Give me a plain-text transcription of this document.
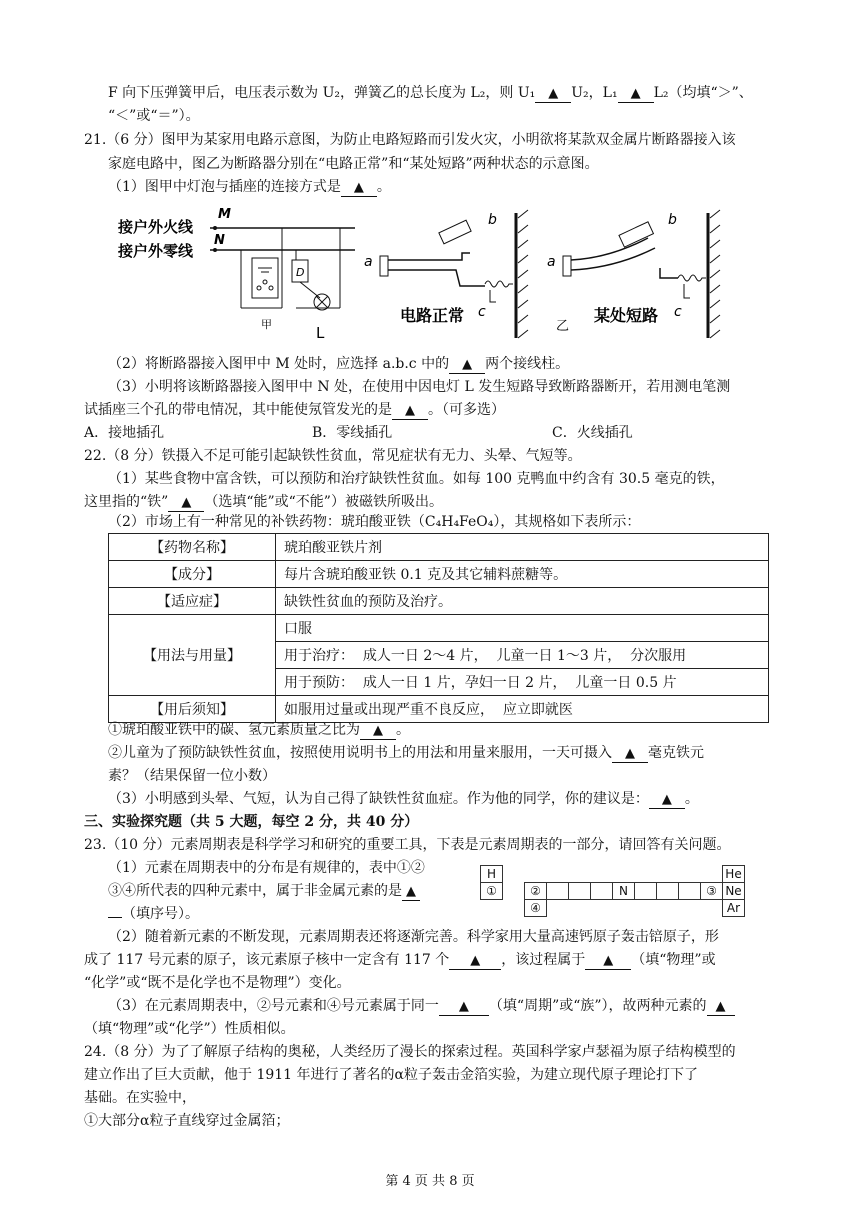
F 向下压弹簧甲后，电压表示数为 U₂，弹簧乙的总长度为 L₂，则 U₁ ▲ U₂，L₁ ▲ L₂（均填“＞”、
“＜”或“＝”）。
21.（6 分）图甲为某家用电路示意图，为防止电路短路而引发火灾，小明欲将某款双金属片断路器接入该
家庭电路中，图乙为断路器分别在“电路正常”和“某处短路”两种状态的示意图。
（1）图甲中灯泡与插座的连接方式是 ▲ 。
接户外火线
接户外零线
M
N
D
甲	L
a
b
c
电路正常
a
b
c
乙
某处短路
（2）将断路器接入图甲中 M 处时，应选择 a.b.c 中的 ▲ 两个接线柱。
（3）小明将该断路器接入图甲中 N 处，在使用中因电灯 L 发生短路导致断路器断开，若用测电笔测
试插座三个孔的带电情况，其中能使氖管发光的是 ▲ 。（可多选）
A．接地插孔	B．零线插孔	C．火线插孔
22.（8 分）铁摄入不足可能引起缺铁性贫血，常见症状有无力、头晕、气短等。
（1）某些食物中富含铁，可以预防和治疗缺铁性贫血。如每 100 克鸭血中约含有 30.5 毫克的铁，
这里指的“铁” ▲ （选填“能”或“不能”）被磁铁所吸出。
（2）市场上有一种常见的补铁药物：琥珀酸亚铁（C₄H₄FeO₄），其规格如下表所示：
【药物名称】	琥珀酸亚铁片剂
【成分】	每片含琥珀酸亚铁 0.1 克及其它辅料蔗糖等。
【适应症】	缺铁性贫血的预防及治疗。
【用法与用量】	口服
	用于治疗：  成人一日 2～4 片，  儿童一日 1～3 片，  分次服用
	用于预防：  成人一日 1 片，孕妇一日 2 片，  儿童一日 0.5 片
【用后须知】	如服用过量或出现严重不良反应，  应立即就医
①琥珀酸亚铁中的碳、氢元素质量之比为 ▲ 。
②儿童为了预防缺铁性贫血，按照使用说明书上的用法和用量来服用，一天可摄入 ▲ 毫克铁元
素？（结果保留一位小数）
（3）小明感到头晕、气短，认为自己得了缺铁性贫血症。作为他的同学，你的建议是： ▲ 。
三、实验探究题（共 5 大题，每空 2 分，共 40 分）
23.（10 分）元素周期表是科学学习和研究的重要工具，下表是元素周期表的一部分，请回答有关问题。
（1）元素在周期表中的分布是有规律的，表中①②
③④所代表的四种元素中，属于非金属元素的是 ▲
（填序号）。
H											He
①		②				N				③	Ne
		④									Ar
（2）随着新元素的不断发现，元素周期表还将逐渐完善。科学家用大量高速钙原子轰击锫原子，形
成了 117 号元素的原子，该元素原子核中一定含有 117 个 ▲ ，该过程属于 ▲ （填“物理”或
“化学”或“既不是化学也不是物理”）变化。
（3）在元素周期表中，②号元素和④号元素属于同一 ▲ （填“周期”或“族”），故两种元素的 ▲
（填“物理”或“化学”）性质相似。
24.（8 分）为了了解原子结构的奥秘，人类经历了漫长的探索过程。英国科学家卢瑟福为原子结构模型的
建立作出了巨大贡献，他于 1911 年进行了著名的α粒子轰击金箔实验，为建立现代原子理论打下了
基础。在实验中，
①大部分α粒子直线穿过金属箔；
第 4 页 共 8 页
